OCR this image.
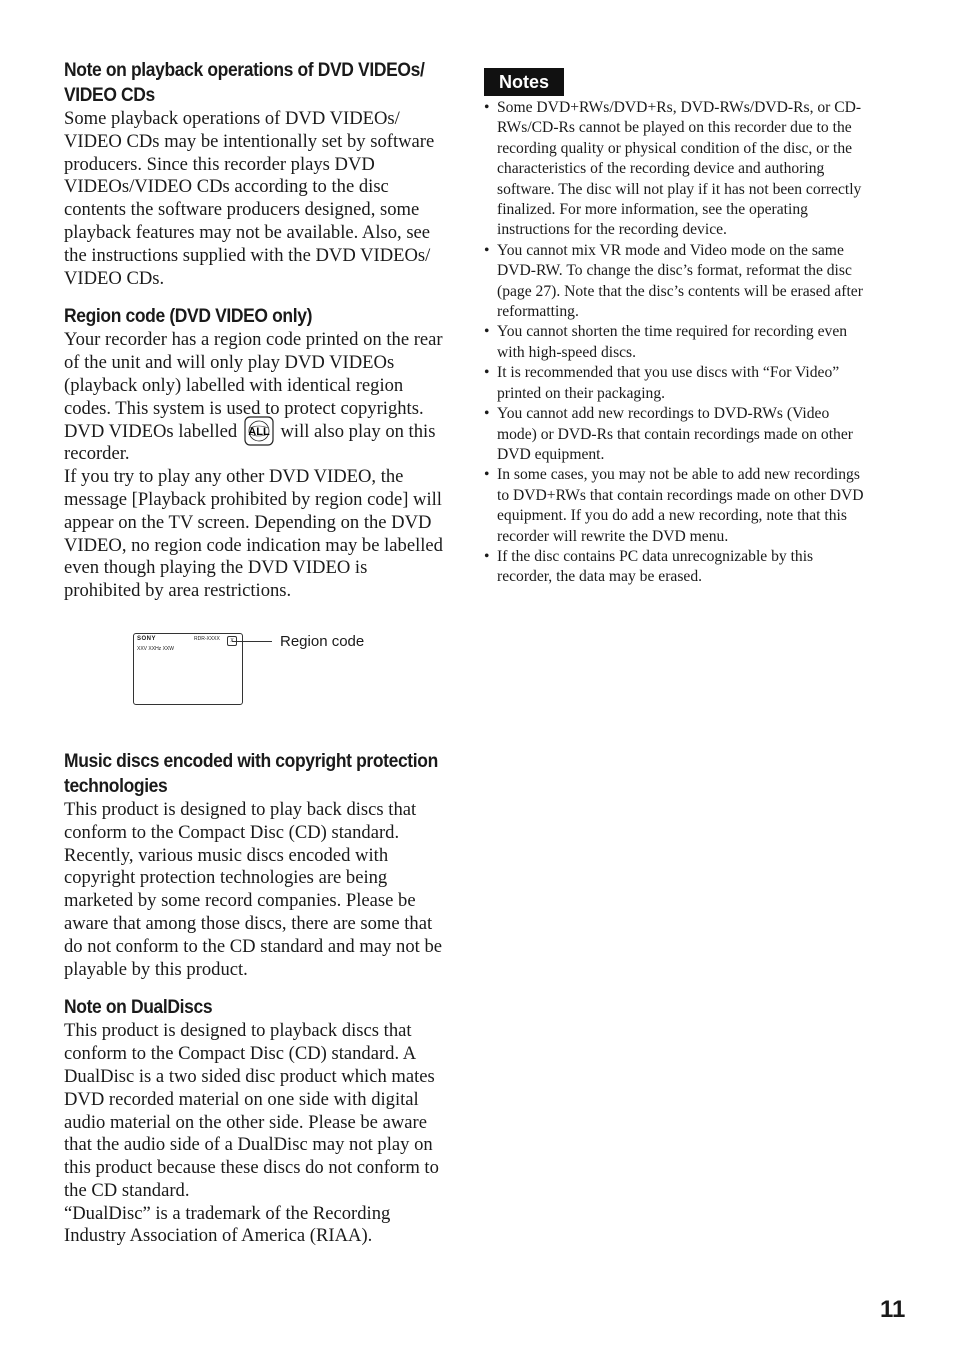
Note on playback operations of DVD VIDEOs/
VIDEO CDs

Some playback operations of DVD VIDEOs/ VIDEO CDs may be intentionally set by software producers. Since this recorder plays DVD VIDEOs/VIDEO CDs according to the disc contents the software producers designed, some playback features may not be available. Also, see the instructions supplied with the DVD VIDEOs/ VIDEO CDs.

Region code (DVD VIDEO only)

Your recorder has a region code printed on the rear of the unit and will only play DVD VIDEOs (playback only) labelled with identical region codes. This system is used to protect copyrights. DVD VIDEOs labelled ALL will also play on this recorder.
If you try to play any other DVD VIDEO, the message [Playback prohibited by region code] will appear on the TV screen. Depending on the DVD VIDEO, no region code indication may be labelled even though playing the DVD VIDEO is prohibited by area restrictions.

SONY	RDR-XXXX
XXV XXHz XXW	Region code
Music discs encoded with copyright protection
technologies

This product is designed to play back discs that conform to the Compact Disc (CD) standard. Recently, various music discs encoded with copyright protection technologies are being marketed by some record companies. Please be aware that among those discs, there are some that do not conform to the CD standard and may not be playable by this product.

Note on DualDiscs

This product is designed to playback discs that conform to the Compact Disc (CD) standard. A DualDisc is a two sided disc product which mates DVD recorded material on one side with digital audio material on the other side. Please be aware that the audio side of a DualDisc may not play on this product because these discs do not conform to the CD standard.
“DualDisc” is a trademark of the Recording Industry Association of America (RIAA).

Notes
• Some DVD+RWs/DVD+Rs, DVD-RWs/DVD-Rs, or CD-RWs/CD-Rs cannot be played on this recorder due to the recording quality or physical condition of the disc, or the characteristics of the recording device and authoring software. The disc will not play if it has not been correctly finalized. For more information, see the operating instructions for the recording device.
• You cannot mix VR mode and Video mode on the same DVD-RW. To change the disc’s format, reformat the disc (page 27). Note that the disc’s contents will be erased after reformatting.
• You cannot shorten the time required for recording even with high-speed discs.
• It is recommended that you use discs with “For Video” printed on their packaging.
• You cannot add new recordings to DVD-RWs (Video mode) or DVD-Rs that contain recordings made on other DVD equipment.
• In some cases, you may not be able to add new recordings to DVD+RWs that contain recordings made on other DVD equipment. If you do add a new recording, note that this recorder will rewrite the DVD menu.
• If the disc contains PC data unrecognizable by this recorder, the data may be erased.
11
